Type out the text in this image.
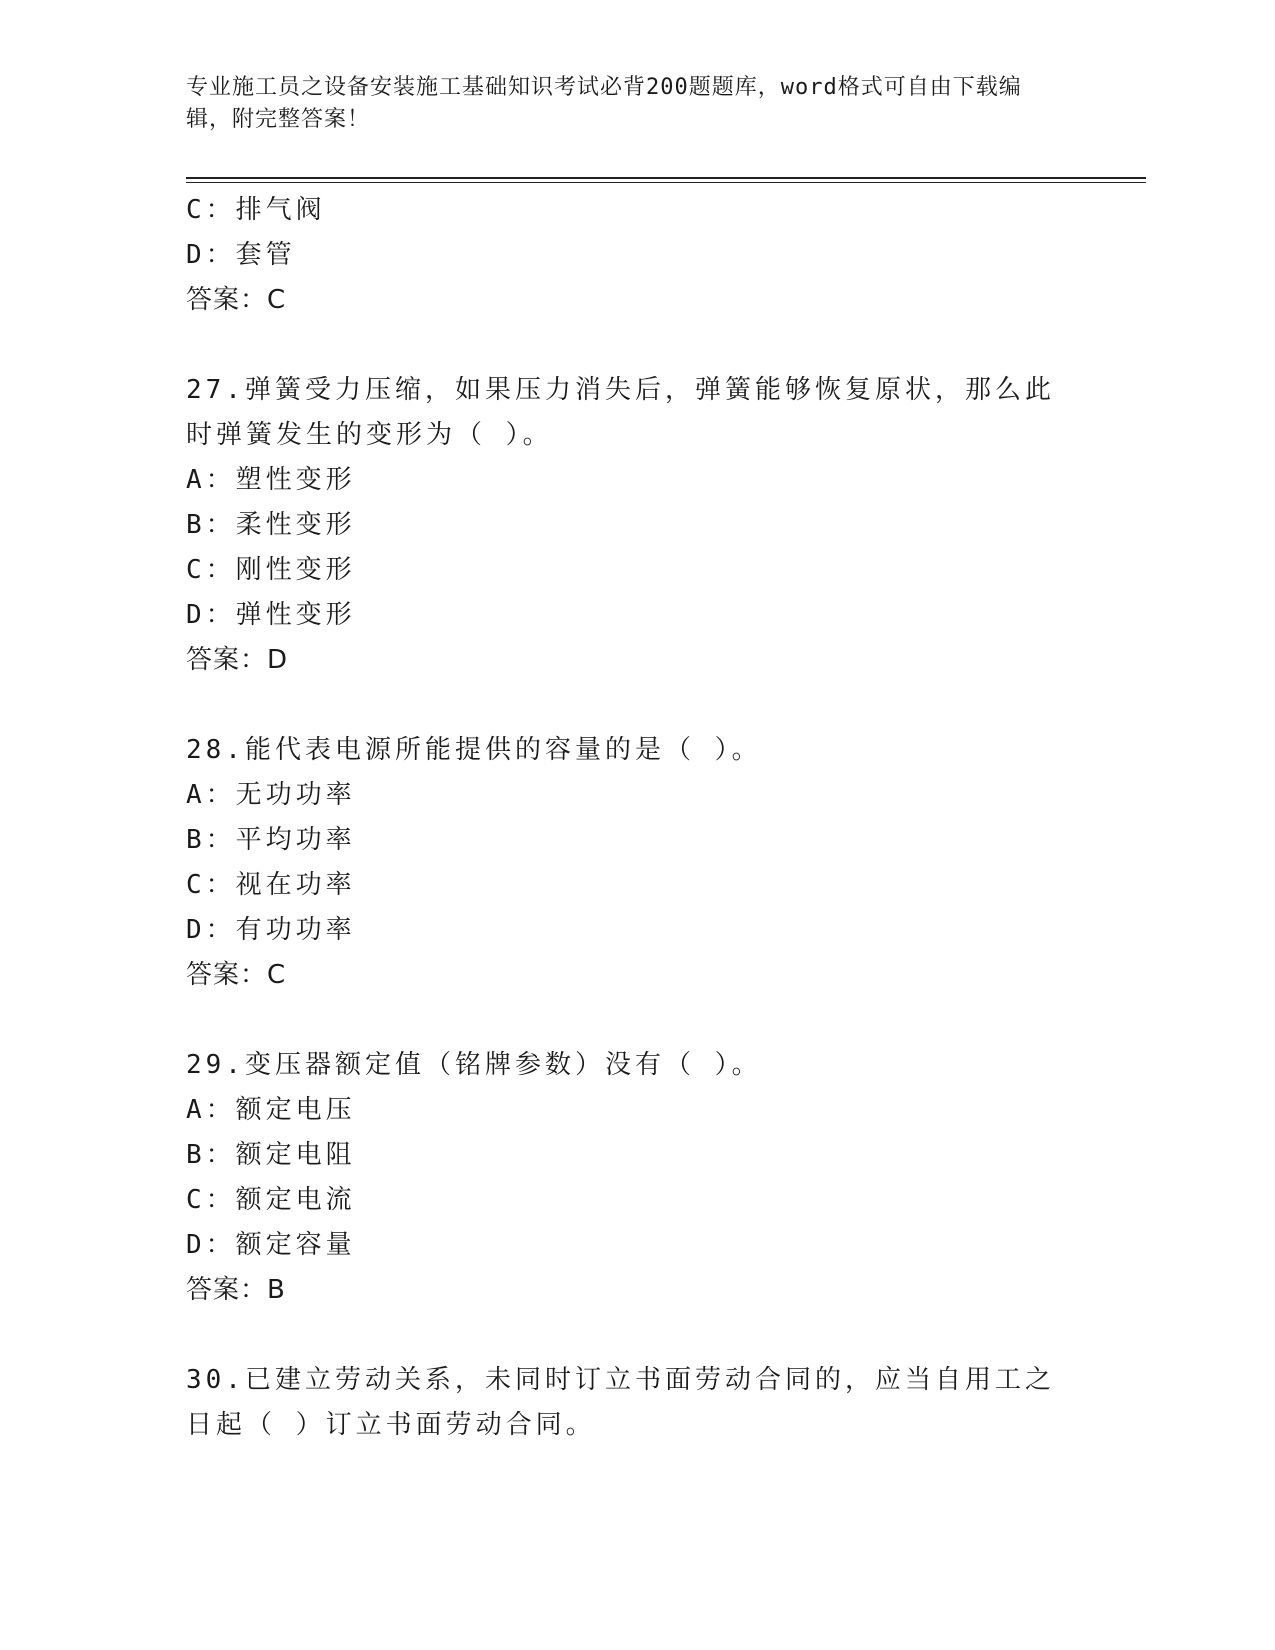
专业施工员之设备安装施工基础知识考试必背200题题库，word格式可自由下载编辑，附完整答案！
C：排气阀
D：套管
答案：C
27.弹簧受力压缩，如果压力消失后，弹簧能够恢复原状，那么此时弹簧发生的变形为（ ）。
A：塑性变形
B：柔性变形
C：刚性变形
D：弹性变形
答案：D
28.能代表电源所能提供的容量的是（ ）。
A：无功功率
B：平均功率
C：视在功率
D：有功功率
答案：C
29.变压器额定值（铭牌参数）没有（ ）。
A：额定电压
B：额定电阻
C：额定电流
D：额定容量
答案：B
30.已建立劳动关系，未同时订立书面劳动合同的，应当自用工之日起（ ）订立书面劳动合同。
